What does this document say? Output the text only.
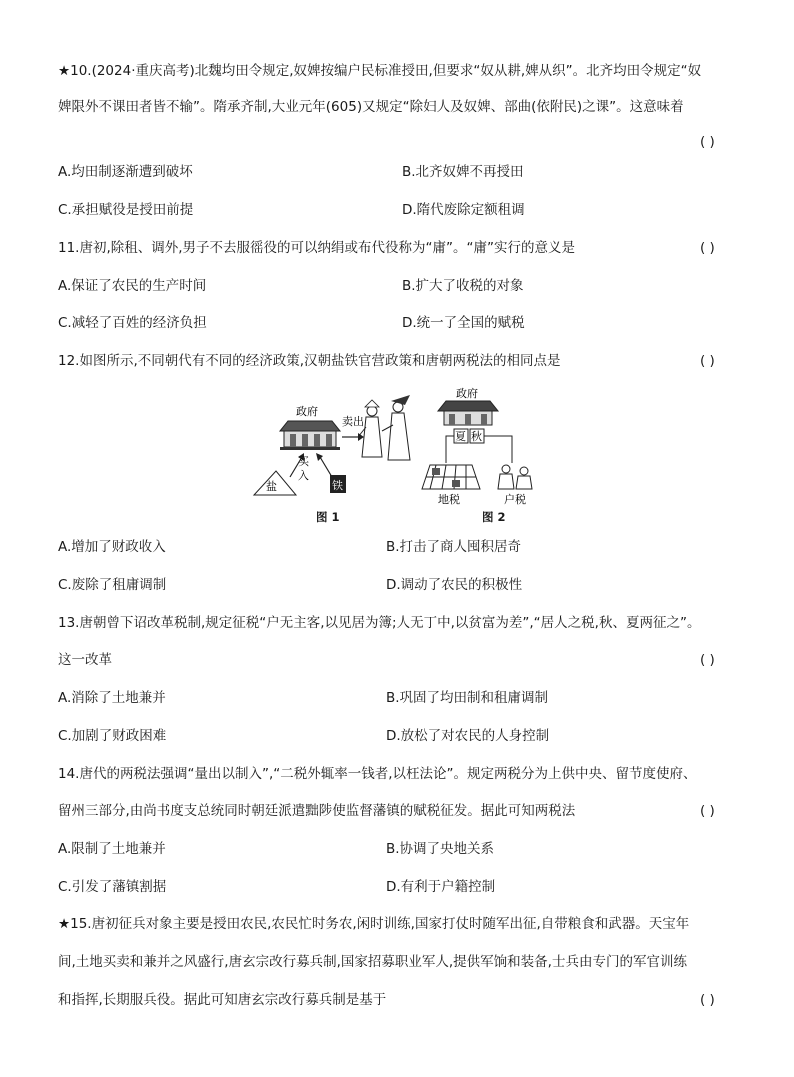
★10.(2024·重庆高考)北魏均田令规定,奴婢按编户民标准授田,但要求“奴从耕,婢从织”。北齐均田令规定“奴
婢限外不课田者皆不输”。隋承齐制,大业元年(605)又规定“除妇人及奴婢、部曲(依附民)之课”。这意味着
( )
A.均田制逐渐遭到破坏	B.北齐奴婢不再授田
C.承担赋役是授田前提	D.隋代废除定额租调
11.唐初,除租、调外,男子不去服徭役的可以纳绢或布代役称为“庸”。“庸”实行的意义是	( )
A.保证了农民的生产时间	B.扩大了收税的对象
C.减轻了百姓的经济负担	D.统一了全国的赋税
12.如图所示,不同朝代有不同的经济政策,汉朝盐铁官营政策和唐朝两税法的相同点是	( )
政府
卖出
买
入
盐	铁
政府
夏 秋
地税	户税
图 1	图 2
A.增加了财政收入	B.打击了商人囤积居奇
C.废除了租庸调制	D.调动了农民的积极性
13.唐朝曾下诏改革税制,规定征税“户无主客,以见居为簿;人无丁中,以贫富为差”,“居人之税,秋、夏两征之”。
这一改革	( )
A.消除了土地兼并	B.巩固了均田制和租庸调制
C.加剧了财政困难	D.放松了对农民的人身控制
14.唐代的两税法强调“量出以制入”,“二税外辄率一钱者,以枉法论”。规定两税分为上供中央、留节度使府、
留州三部分,由尚书度支总统同时朝廷派遣黜陟使监督藩镇的赋税征发。据此可知两税法	( )
A.限制了土地兼并	B.协调了央地关系
C.引发了藩镇割据	D.有利于户籍控制
★15.唐初征兵对象主要是授田农民,农民忙时务农,闲时训练,国家打仗时随军出征,自带粮食和武器。天宝年
间,土地买卖和兼并之风盛行,唐玄宗改行募兵制,国家招募职业军人,提供军饷和装备,士兵由专门的军官训练
和指挥,长期服兵役。据此可知唐玄宗改行募兵制是基于	( )
